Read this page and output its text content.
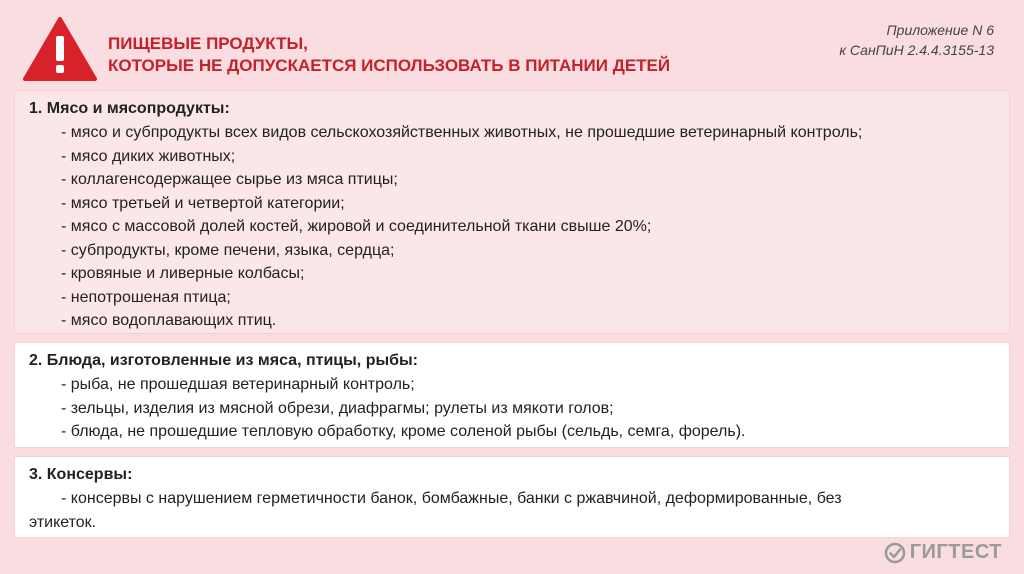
ПИЩЕВЫЕ ПРОДУКТЫ,
КОТОРЫЕ НЕ ДОПУСКАЕТСЯ ИСПОЛЬЗОВАТЬ В ПИТАНИИ ДЕТЕЙ
Приложение N 6
к СанПиН 2.4.4.3155-13
1. Мясо и мясопродукты:
- мясо и субпродукты всех видов сельскохозяйственных животных, не прошедшие ветеринарный контроль;
- мясо диких животных;
- коллагенсодержащее сырье из мяса птицы;
- мясо третьей и четвертой категории;
- мясо с массовой долей костей, жировой и соединительной ткани свыше 20%;
- субпродукты, кроме печени, языка, сердца;
- кровяные и ливерные колбасы;
- непотрошеная птица;
- мясо водоплавающих птиц.
2. Блюда, изготовленные из мяса, птицы, рыбы:
- рыба, не прошедшая ветеринарный контроль;
- зельцы, изделия из мясной обрези, диафрагмы; рулеты из мякоти голов;
- блюда, не прошедшие тепловую обработку, кроме соленой рыбы (сельдь, семга, форель).
3. Консервы:
- консервы с нарушением герметичности банок, бомбажные, банки с ржавчиной, деформированные, без
этикеток.
ГИГТЕСТ
